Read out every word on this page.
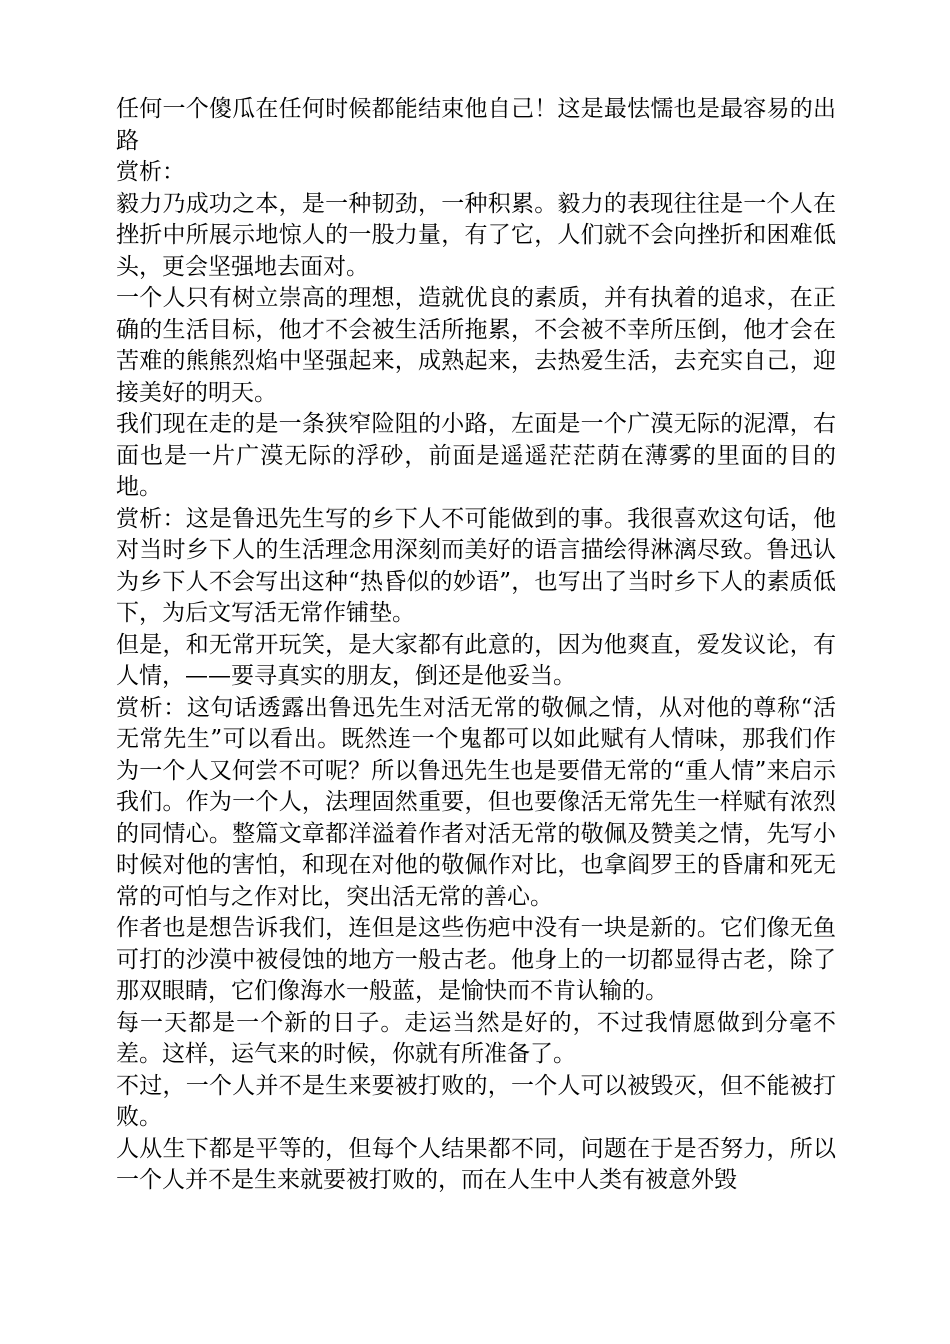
任何一个傻瓜在任何时候都能结束他自己！这是最怯懦也是最容易的出路

赏析：

毅力乃成功之本，是一种韧劲，一种积累。毅力的表现往往是一个人在挫折中所展示地惊人的一股力量，有了它，人们就不会向挫折和困难低头，更会坚强地去面对。

一个人只有树立崇高的理想，造就优良的素质，并有执着的追求，在正确的生活目标，他才不会被生活所拖累，不会被不幸所压倒，他才会在苦难的熊熊烈焰中坚强起来，成熟起来，去热爱生活，去充实自己，迎接美好的明天。

我们现在走的是一条狭窄险阻的小路，左面是一个广漠无际的泥潭，右面也是一片广漠无际的浮砂，前面是遥遥茫茫荫在薄雾的里面的目的地。

赏析：这是鲁迅先生写的乡下人不可能做到的事。我很喜欢这句话，他对当时乡下人的生活理念用深刻而美好的语言描绘得淋漓尽致。鲁迅认为乡下人不会写出这种“热昏似的妙语”，也写出了当时乡下人的素质低下，为后文写活无常作铺垫。

但是，和无常开玩笑，是大家都有此意的，因为他爽直，爱发议论，有人情，——要寻真实的朋友，倒还是他妥当。

赏析：这句话透露出鲁迅先生对活无常的敬佩之情，从对他的尊称“活无常先生”可以看出。既然连一个鬼都可以如此赋有人情味，那我们作为一个人又何尝不可呢？所以鲁迅先生也是要借无常的“重人情”来启示我们。作为一个人，法理固然重要，但也要像活无常先生一样赋有浓烈的同情心。整篇文章都洋溢着作者对活无常的敬佩及赞美之情，先写小时候对他的害怕，和现在对他的敬佩作对比，也拿阎罗王的昏庸和死无常的可怕与之作对比，突出活无常的善心。

作者也是想告诉我们，连但是这些伤疤中没有一块是新的。它们像无鱼可打的沙漠中被侵蚀的地方一般古老。他身上的一切都显得古老，除了那双眼睛，它们像海水一般蓝，是愉快而不肯认输的。

每一天都是一个新的日子。走运当然是好的，不过我情愿做到分毫不差。这样，运气来的时候，你就有所准备了。

不过，一个人并不是生来要被打败的，一个人可以被毁灭，但不能被打败。

人从生下都是平等的，但每个人结果都不同，问题在于是否努力，所以一个人并不是生来就要被打败的，而在人生中人类有被意外毁
